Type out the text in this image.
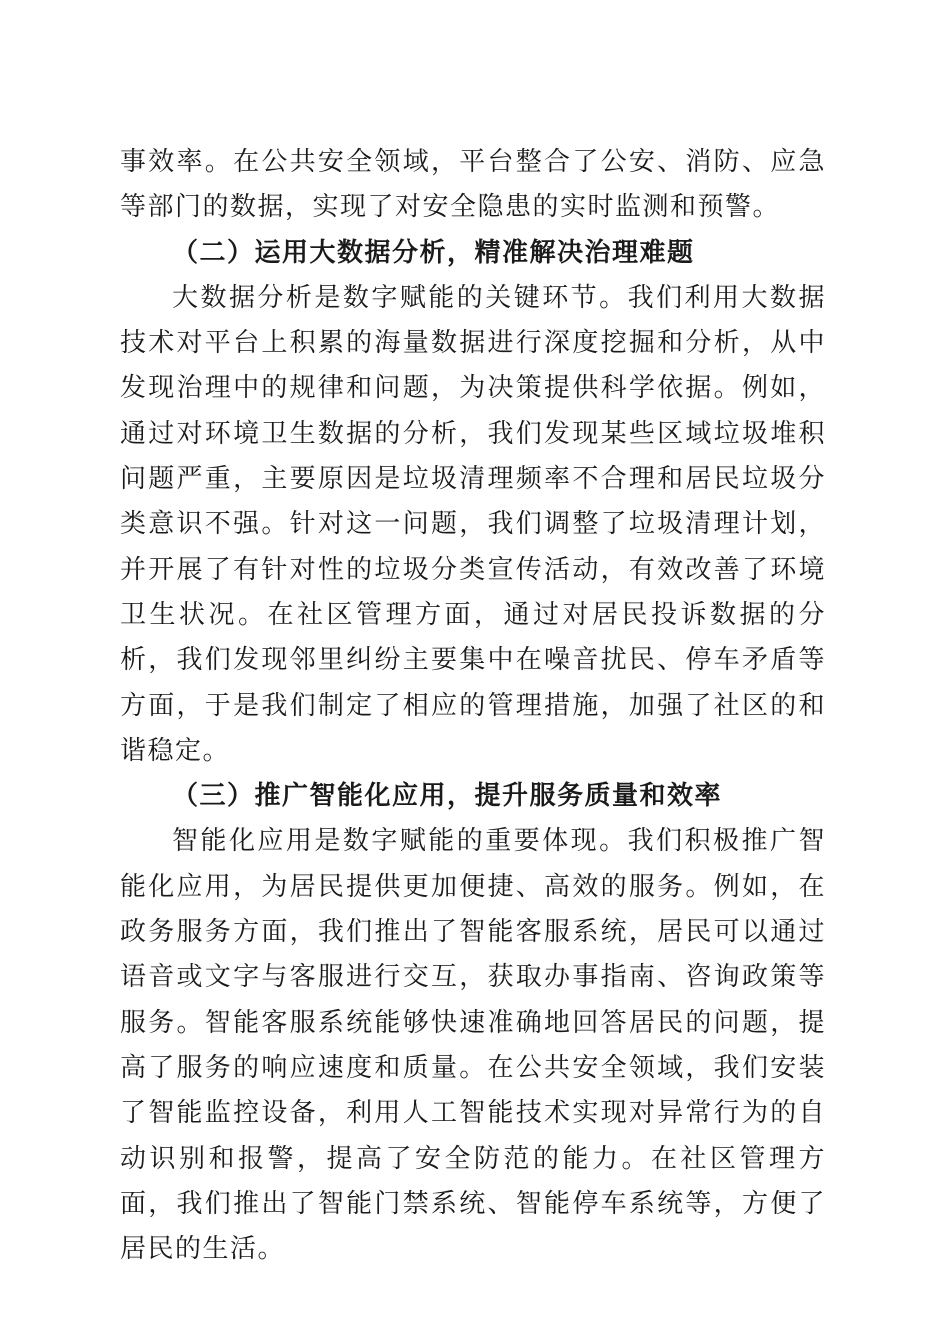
事效率。在公共安全领域，平台整合了公安、消防、应急等部门的数据，实现了对安全隐患的实时监测和预警。

（二）运用大数据分析，精准解决治理难题

大数据分析是数字赋能的关键环节。我们利用大数据技术对平台上积累的海量数据进行深度挖掘和分析，从中发现治理中的规律和问题，为决策提供科学依据。例如，通过对环境卫生数据的分析，我们发现某些区域垃圾堆积问题严重，主要原因是垃圾清理频率不合理和居民垃圾分类意识不强。针对这一问题，我们调整了垃圾清理计划，并开展了有针对性的垃圾分类宣传活动，有效改善了环境卫生状况。在社区管理方面，通过对居民投诉数据的分析，我们发现邻里纠纷主要集中在噪音扰民、停车矛盾等方面，于是我们制定了相应的管理措施，加强了社区的和谐稳定。

（三）推广智能化应用，提升服务质量和效率

智能化应用是数字赋能的重要体现。我们积极推广智能化应用，为居民提供更加便捷、高效的服务。例如，在政务服务方面，我们推出了智能客服系统，居民可以通过语音或文字与客服进行交互，获取办事指南、咨询政策等服务。智能客服系统能够快速准确地回答居民的问题，提高了服务的响应速度和质量。在公共安全领域，我们安装了智能监控设备，利用人工智能技术实现对异常行为的自动识别和报警，提高了安全防范的能力。在社区管理方面，我们推出了智能门禁系统、智能停车系统等，方便了居民的生活。
